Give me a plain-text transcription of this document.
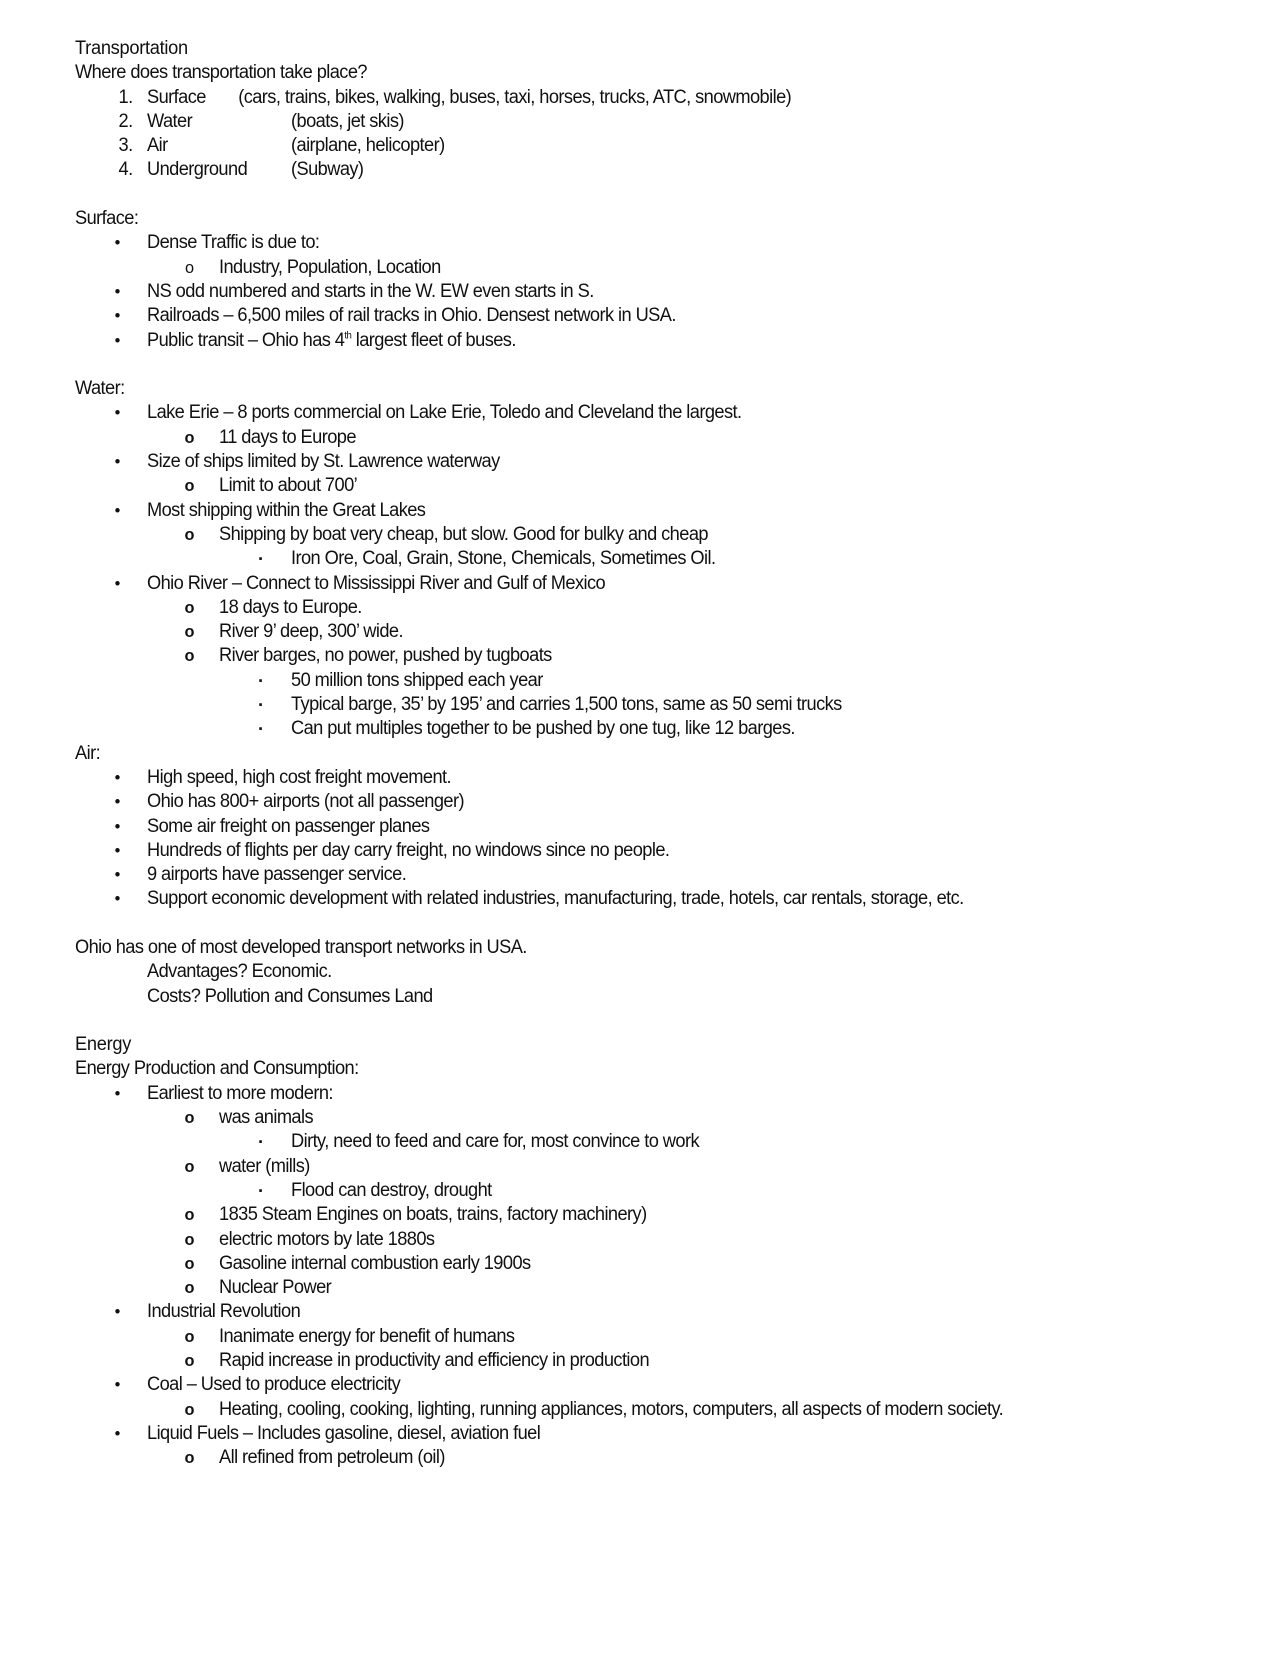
Transportation
Where does transportation take place?
1. Surface (cars, trains, bikes, walking, buses, taxi, horses, trucks, ATC, snowmobile)
2. Water	(boats, jet skis)
3. Air	(airplane, helicopter)
4. Underground (Subway)
Surface:
• Dense Traffic is due to:
o Industry, Population, Location
• NS odd numbered and starts in the W. EW even starts in S.
• Railroads – 6,500 miles of rail tracks in Ohio. Densest network in USA.
• Public transit – Ohio has 4th largest fleet of buses.
Water:
• Lake Erie – 8 ports commercial on Lake Erie, Toledo and Cleveland the largest.
o 11 days to Europe
• Size of ships limited by St. Lawrence waterway
o Limit to about 700’
• Most shipping within the Great Lakes
o Shipping by boat very cheap, but slow. Good for bulky and cheap
▪ Iron Ore, Coal, Grain, Stone, Chemicals, Sometimes Oil.
• Ohio River – Connect to Mississippi River and Gulf of Mexico
o 18 days to Europe.
o River 9’ deep, 300’ wide.
o River barges, no power, pushed by tugboats
▪ 50 million tons shipped each year
▪ Typical barge, 35’ by 195’ and carries 1,500 tons, same as 50 semi trucks
▪ Can put multiples together to be pushed by one tug, like 12 barges.
Air:
• High speed, high cost freight movement.
• Ohio has 800+ airports (not all passenger)
• Some air freight on passenger planes
• Hundreds of flights per day carry freight, no windows since no people.
• 9 airports have passenger service.
• Support economic development with related industries, manufacturing, trade, hotels, car rentals, storage, etc.
Ohio has one of most developed transport networks in USA.
Advantages? Economic.
Costs? Pollution and Consumes Land
Energy
Energy Production and Consumption:
• Earliest to more modern:
o was animals
▪ Dirty, need to feed and care for, most convince to work
o water (mills)
▪ Flood can destroy, drought
o 1835 Steam Engines on boats, trains, factory machinery)
o electric motors by late 1880s
o Gasoline internal combustion early 1900s
o Nuclear Power
• Industrial Revolution
o Inanimate energy for benefit of humans
o Rapid increase in productivity and efficiency in production
• Coal – Used to produce electricity
o Heating, cooling, cooking, lighting, running appliances, motors, computers, all aspects of modern society.
• Liquid Fuels – Includes gasoline, diesel, aviation fuel
o All refined from petroleum (oil)
